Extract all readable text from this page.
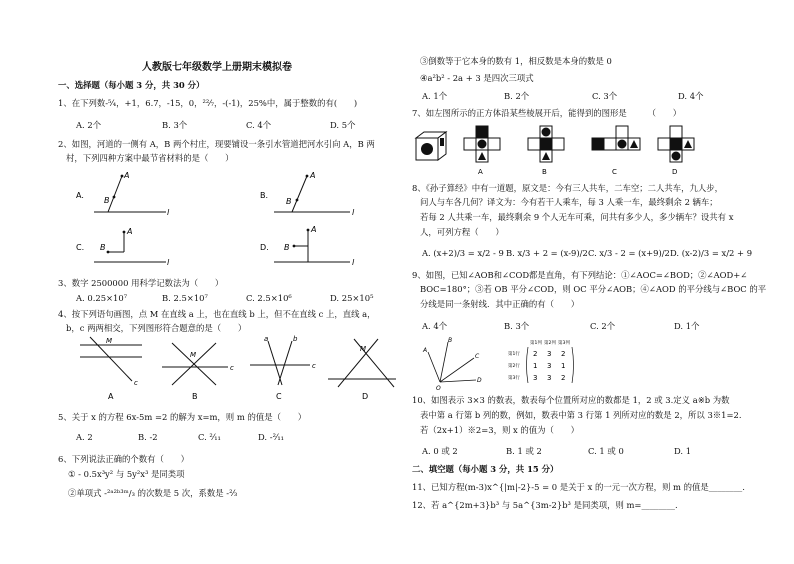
人教版七年级数学上册期末模拟卷
一、选择题（每小题 3 分，共 30 分）
1、在下列数-⁵⁄₄，+1，6.7，-15，0，²²⁄₇，-(-1)，25%中，属于整数的有(　　)
A. 2个	B. 3个	C. 4个	D. 5个
2、如图，河道的一侧有 A，B 两个村庄，现要铺设一条引水管道把河水引向 A，B 两
村，下列四种方案中最节省材料的是（　　）
A.
A
B
l
B.
A
B
l
C.
A
B
l
D.
A
B
l
3、数字 2500000 用科学记数法为（　　）
A. 0.25×10⁷	B. 2.5×10⁷	C. 2.5×10⁶	D. 25×10⁵
4、按下列语句画图，点 M 在直线 a 上，也在直线 b 上，但不在直线 c 上，直线 a，
b，c 两两相交，下列图形符合题意的是（　　）
M
c
A
M
c
B
a	b
c
C
M
D
5、关于 x 的方程 6x-5m =2 的解为 x=m，则 m 的值是（　　）
A. 2	B. -2	C. ²⁄₁₁	D. -²⁄₁₁
6、下列说法正确的个数有（　　）
① - 0.5x³y² 与 5y²x³ 是同类项
②单项式 -²ᵃ²ᵇ³ᵐ/₃ 的次数是 5 次，系数是 -²⁄₃
③倒数等于它本身的数有 1，相反数是本身的数是 0
④a²b² - 2a + 3 是四次三项式
A. 1个	B. 2个	C. 3个	D. 4个
7、如左图所示的正方体沿某些棱展开后，能得到的图形是　　　（　　）
A	B	C	D
8、《孙子算经》中有一道题，原文是：今有三人共车，二车空；二人共车，九人步，
问人与车各几何？译文为：今有若干人乘车，每 3 人乘一车，最终剩余 2 辆车；
若每 2 人共乘一车，最终剩余 9 个人无车可乘，问共有多少人，多少辆车？设共有 x
人，可列方程（　　）
A. (x+2)/3 = x/2 - 9 B. x/3 + 2 = (x-9)/2 C. x/3 - 2 = (x+9)/2 D. (x-2)/3 = x/2 + 9
9、如图，已知∠AOB和∠COD都是直角，有下列结论：①∠AOC=∠BOD；②∠AOD+∠
BOC=180°；③若 OB 平分∠COD，则 OC 平分∠AOB；④∠AOD 的平分线与∠BOC 的平
分线是同一条射线．其中正确的有（　　）
A. 4个	B. 3个	C. 2个	D. 1个
A
B
C
D
O
第1列 第2列 第3列
第1行
第2行
第3行
2 3 2
1 3 1
3 3 2
10、如图表示 3×3 的数表，数表每个位置所对应的数都是 1，2 或 3.定义 a※b 为数
表中第 a 行第 b 列的数，例如，数表中第 3 行第 1 列所对应的数是 2，所以 3※1=2.
若（2x+1）※2=3，则 x 的值为（　　）
A. 0 或 2	B. 1 或 2	C. 1 或 0	D. 1
二、填空题（每小题 3 分，共 15 分）
11、已知方程(m-3)x^{|m|-2}-5 = 0 是关于 x 的一元一次方程，则 m 的值是________.
12、若 a^{2m+3}b³ 与 5a^{3m-2}b³ 是同类项，则 m=________.
